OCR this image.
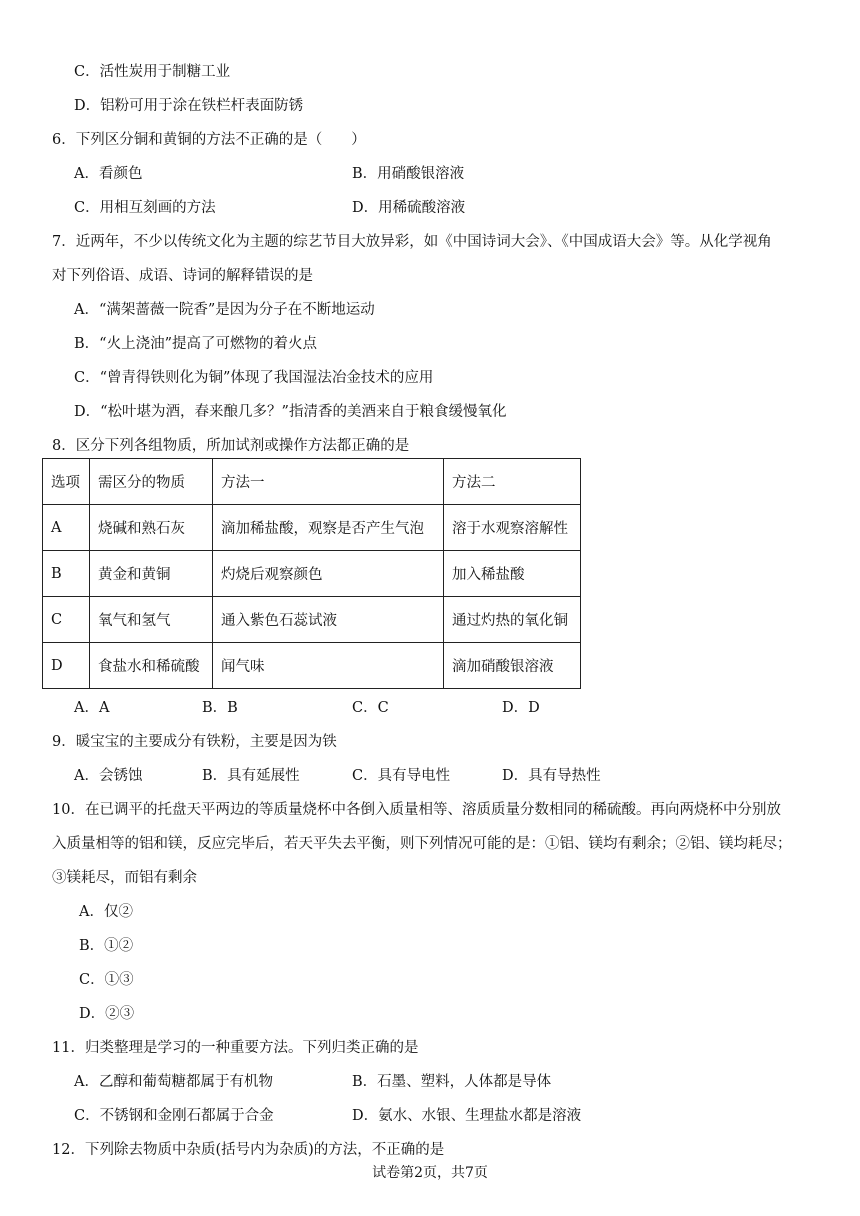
C．活性炭用于制糖工业
D．铝粉可用于涂在铁栏杆表面防锈
6．下列区分铜和黄铜的方法不正确的是（　　）
A．看颜色	B．用硝酸银溶液
C．用相互刻画的方法	D．用稀硫酸溶液
7．近两年，不少以传统文化为主题的综艺节目大放异彩，如《中国诗词大会》、《中国成语大会》等。从化学视角
对下列俗语、成语、诗词的解释错误的是
A．“满架蔷薇一院香”是因为分子在不断地运动
B．“火上浇油”提高了可燃物的着火点
C．“曾青得铁则化为铜”体现了我国湿法冶金技术的应用
D．“松叶堪为酒，春来酿几多？”指清香的美酒来自于粮食缓慢氧化
8．区分下列各组物质，所加试剂或操作方法都正确的是
选项	需区分的物质	方法一	方法二
A	烧碱和熟石灰	滴加稀盐酸，观察是否产生气泡	溶于水观察溶解性
B	黄金和黄铜	灼烧后观察颜色	加入稀盐酸
C	氧气和氢气	通入紫色石蕊试液	通过灼热的氧化铜
D	食盐水和稀硫酸	闻气味	滴加硝酸银溶液
A．A	B．B	C．C	D．D
9．暖宝宝的主要成分有铁粉，主要是因为铁
A．会锈蚀	B．具有延展性	C．具有导电性	D．具有导热性
10．在已调平的托盘天平两边的等质量烧杯中各倒入质量相等、溶质质量分数相同的稀硫酸。再向两烧杯中分别放
入质量相等的铝和镁，反应完毕后，若天平失去平衡，则下列情况可能的是：①铝、镁均有剩余；②铝、镁均耗尽；
③镁耗尽，而铝有剩余
A．仅②
B．①②
C．①③
D．②③
11．归类整理是学习的一种重要方法。下列归类正确的是
A．乙醇和葡萄糖都属于有机物	B．石墨、塑料，人体都是导体
C．不锈钢和金刚石都属于合金	D．氨水、水银、生理盐水都是溶液
12．下列除去物质中杂质(括号内为杂质)的方法，不正确的是
试卷第2页，共7页
